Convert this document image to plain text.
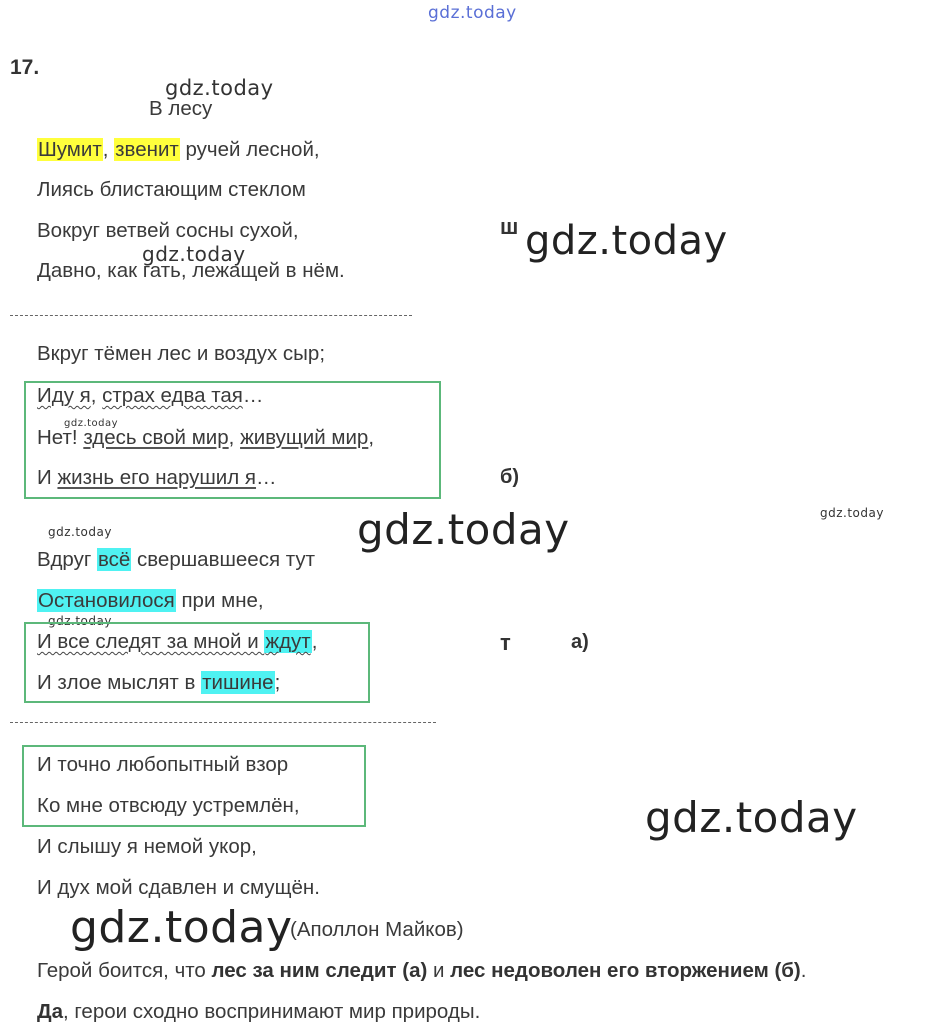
gdz.today
gdz.today
gdz.today
gdz.today
gdz.today
gdz.today
gdz.today
gdz.today
gdz.today
gdz.today
gdz.today
17.
В лесу
Шумит, звенит ручей лесной,
Лиясь блистающим стеклом
Вокруг ветвей сосны сухой,
Давно, как гать, лежащей в нём.
ш
Вкруг тёмен лес и воздух сыр;
Иду я, страх едва тая…
Нет! здесь свой мир, живущий мир,
И жизнь его нарушил я…	б)
Вдруг всё свершавшееся тут
Остановилося при мне,
И все следят за мной и ждут,
И злое мыслят в тишине;
т	а)
И точно любопытный взор
Ко мне отвсюду устремлён,
И слышу я немой укор,
И дух мой сдавлен и смущён.
(Аполлон Майков)
Герой боится, что лес за ним следит (а) и лес недоволен его вторжением (б).
Да, герои сходно воспринимают мир природы.
